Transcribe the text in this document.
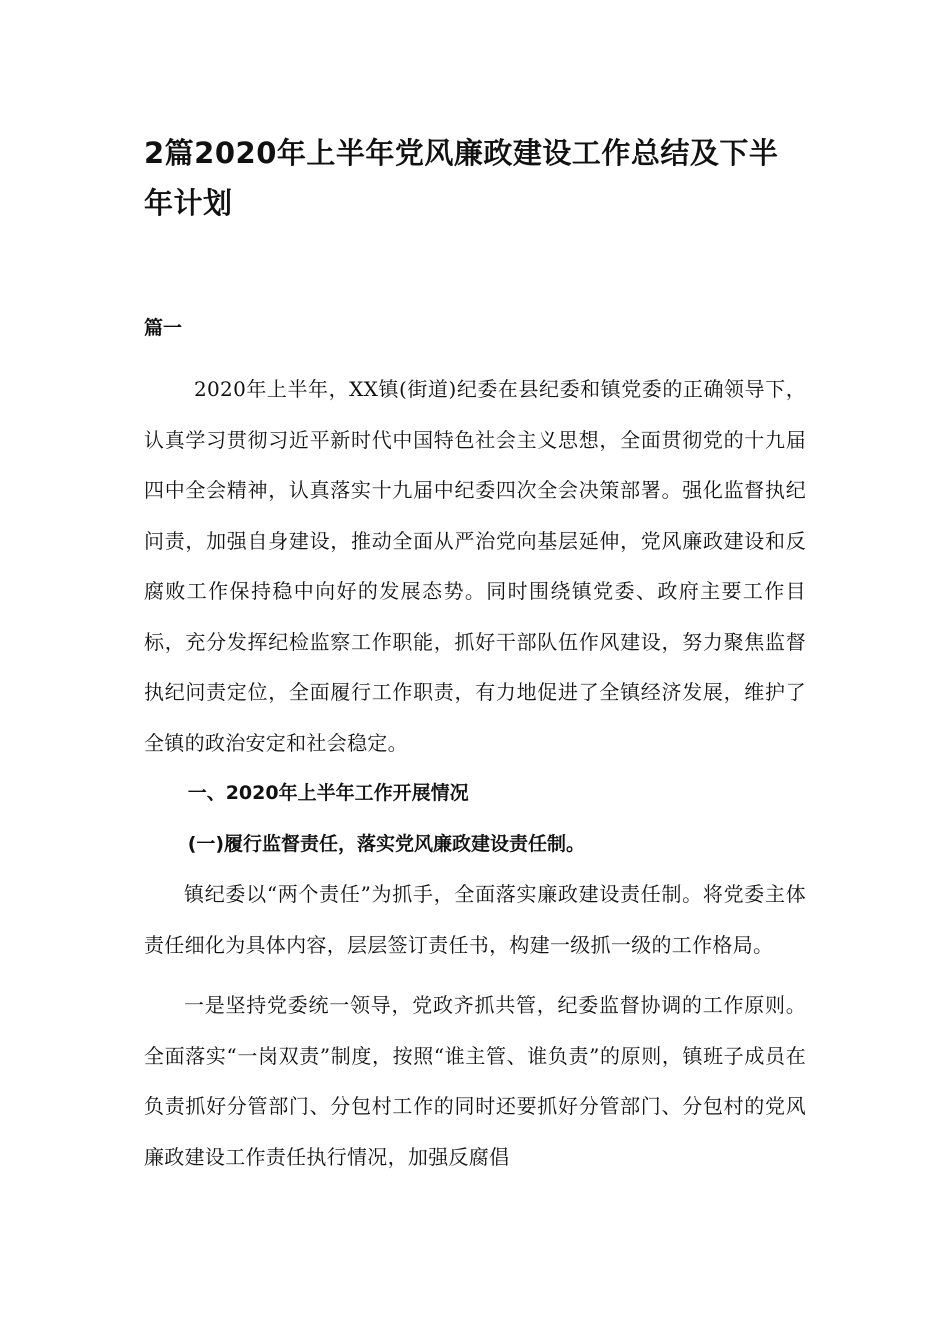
2篇2020年上半年党风廉政建设工作总结及下半年计划
篇一

2020年上半年，XX镇(街道)纪委在县纪委和镇党委的正确领导下，认真学习贯彻习近平新时代中国特色社会主义思想，全面贯彻党的十九届四中全会精神，认真落实十九届中纪委四次全会决策部署。强化监督执纪问责，加强自身建设，推动全面从严治党向基层延伸，党风廉政建设和反腐败工作保持稳中向好的发展态势。同时围绕镇党委、政府主要工作目标，充分发挥纪检监察工作职能，抓好干部队伍作风建设，努力聚焦监督执纪问责定位，全面履行工作职责，有力地促进了全镇经济发展，维护了全镇的政治安定和社会稳定。

一、2020年上半年工作开展情况

(一)履行监督责任，落实党风廉政建设责任制。

镇纪委以“两个责任”为抓手，全面落实廉政建设责任制。将党委主体责任细化为具体内容，层层签订责任书，构建一级抓一级的工作格局。

一是坚持党委统一领导，党政齐抓共管，纪委监督协调的工作原则。全面落实“一岗双责”制度，按照“谁主管、谁负责”的原则，镇班子成员在负责抓好分管部门、分包村工作的同时还要抓好分管部门、分包村的党风廉政建设工作责任执行情况，加强反腐倡
